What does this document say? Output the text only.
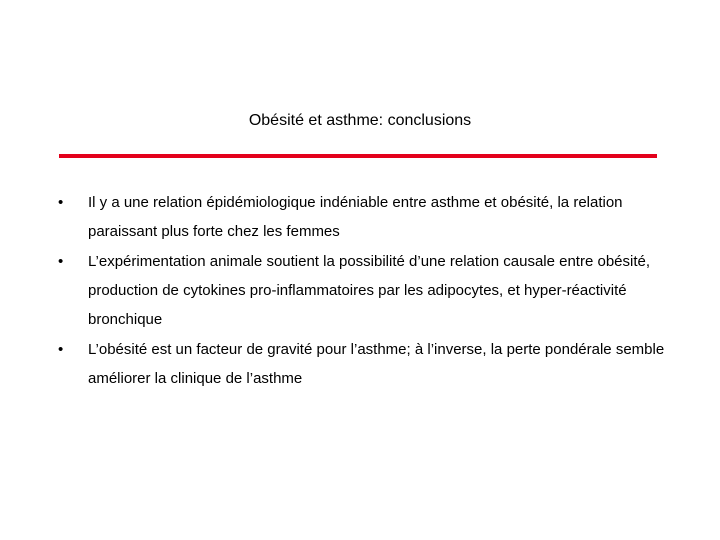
Obésité et asthme: conclusions
•	Il y a une relation épidémiologique indéniable entre asthme et obésité, la relation paraissant plus forte chez les femmes
•	L’expérimentation animale soutient la possibilité d’une relation causale entre obésité, production de cytokines pro-inflammatoires par les adipocytes, et hyper-réactivité bronchique
•	L’obésité est un facteur de gravité pour l’asthme; à l’inverse, la perte pondérale semble améliorer la clinique de l’asthme
